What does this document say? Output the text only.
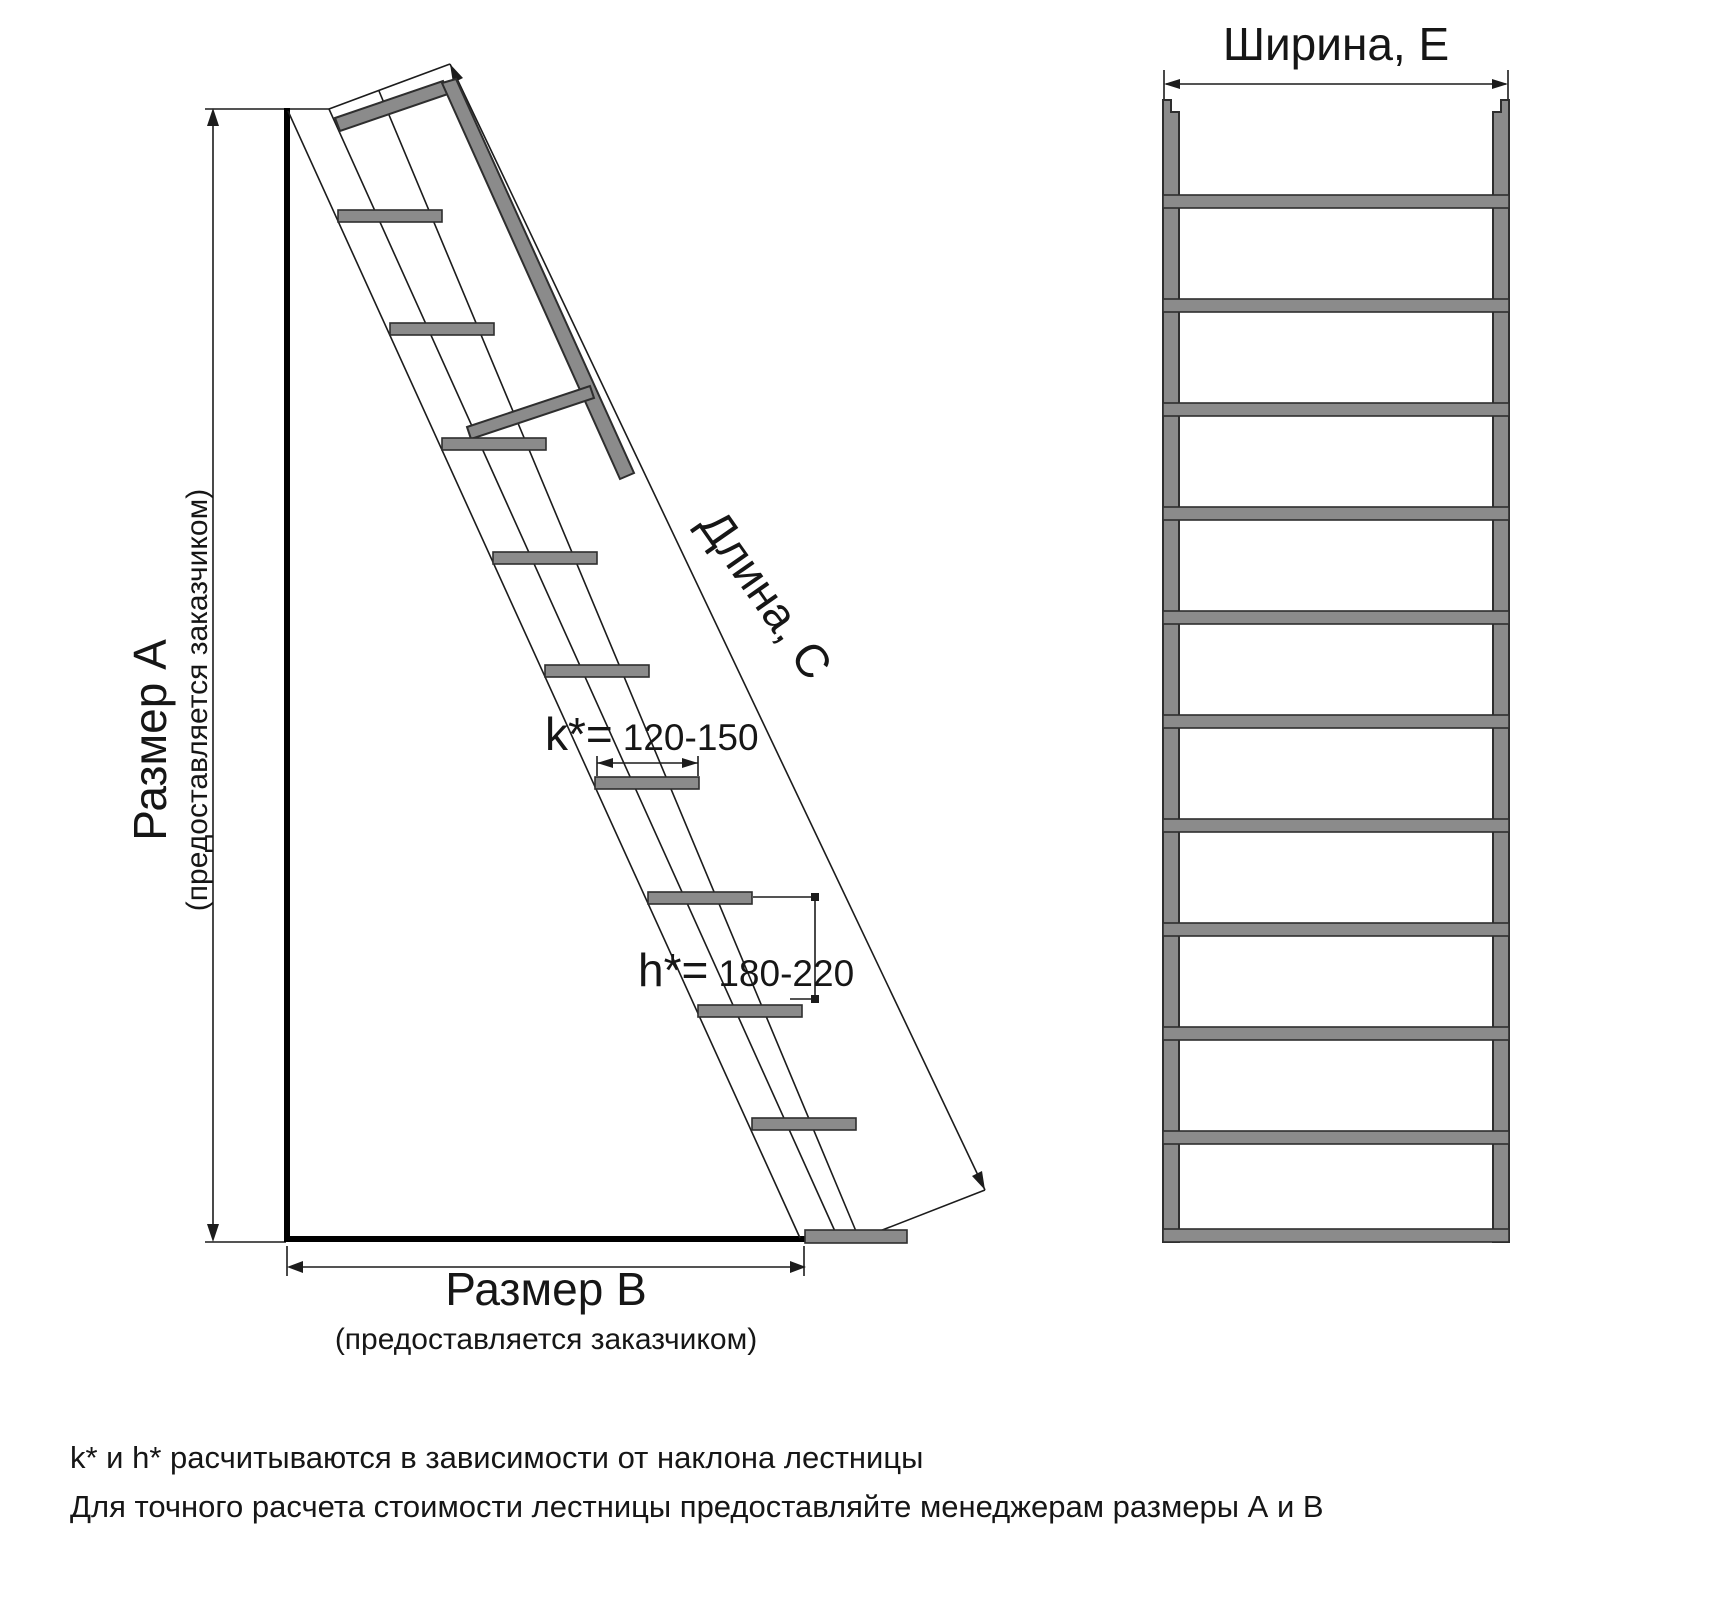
Размер А (предоставляется заказчиком)
Размер В
(предоставляется заказчиком)
Длина, С
k*= 120-150
h*= 180-220
Ширина, Е
k* и h* расчитываются в зависимости от наклона лестницы
Для точного расчета стоимости лестницы предоставляйте менеджерам размеры А и В
